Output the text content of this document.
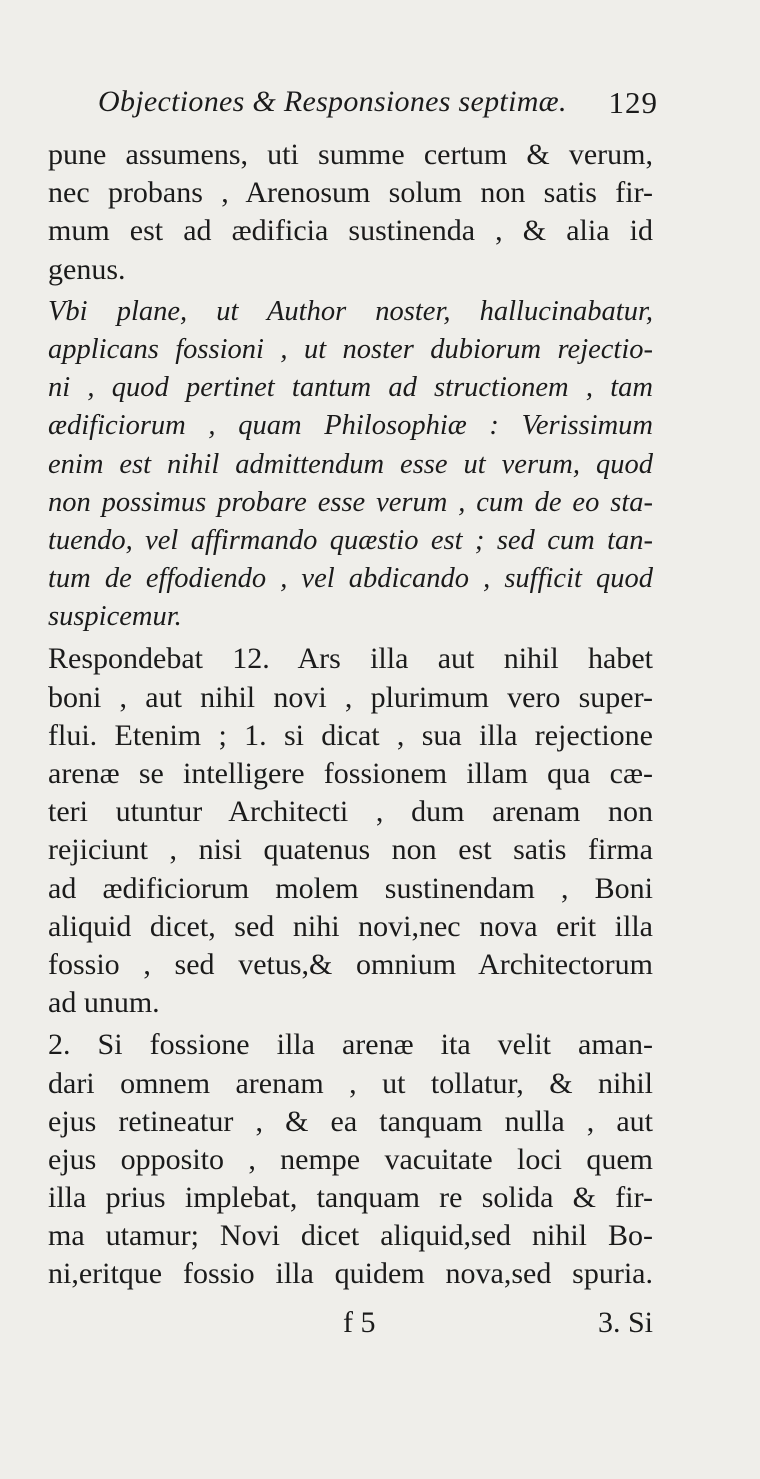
Objectiones & Responsiones septimæ. 129
pune assumens, uti summe certum & verum,
nec probans , Arenosum solum non satis fir-
mum est ad ædificia sustinenda , & alia id
genus.
Vbi plane, ut Author noster, hallucinabatur,
applicans fossioni , ut noster dubiorum rejectio-
ni , quod pertinet tantum ad structionem , tam
ædificiorum , quam Philosophiæ : Verissimum
enim est nihil admittendum esse ut verum, quod
non possimus probare esse verum , cum de eo sta-
tuendo, vel affirmando quæstio est ; sed cum tan-
tum de effodiendo , vel abdicando , sufficit quod
suspicemur.
Respondebat 12. Ars illa aut nihil habet
boni , aut nihil novi , plurimum vero super-
flui. Etenim ; 1. si dicat , sua illa rejectione
arenæ se intelligere fossionem illam qua cæ-
teri utuntur Architecti , dum arenam non
rejiciunt , nisi quatenus non est satis firma
ad ædificiorum molem sustinendam , Boni
aliquid dicet, sed nihi novi,nec nova erit illa
fossio , sed vetus,& omnium Architectorum
ad unum.
2. Si fossione illa arenæ ita velit aman-
dari omnem arenam , ut tollatur, & nihil
ejus retineatur , & ea tanquam nulla , aut
ejus opposito , nempe vacuitate loci quem
illa prius implebat, tanquam re solida & fir-
ma utamur; Novi dicet aliquid,sed nihil Bo-
ni,eritque fossio illa quidem nova,sed spuria.
f 5	3. Si
